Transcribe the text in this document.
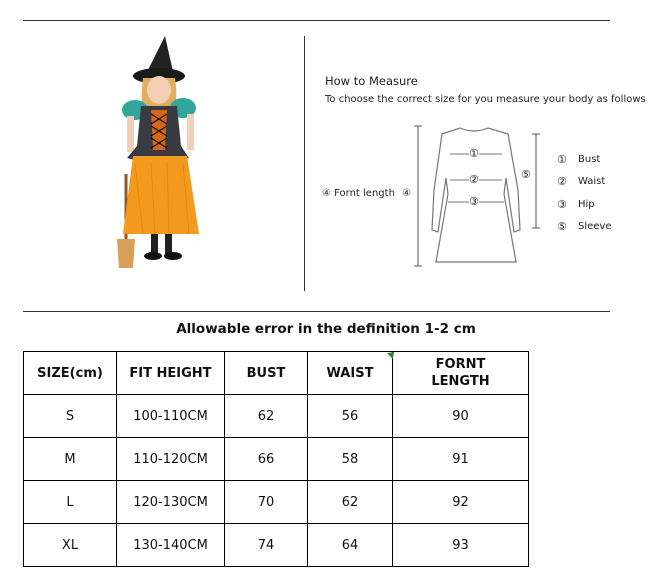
How to Measure
To choose the correct size for you measure your body as follows
④ Fornt length ④
①
②
③
⑤
①	Bust
②	Waist
③	Hip
⑤	Sleeve
Allowable error in the definition 1-2 cm
SIZE(cm)	FIT HEIGHT	BUST	WAIST	FORNT LENGTH
S	100-110CM	62	56	90
M	110-120CM	66	58	91
L	120-130CM	70	62	92
XL	130-140CM	74	64	93
